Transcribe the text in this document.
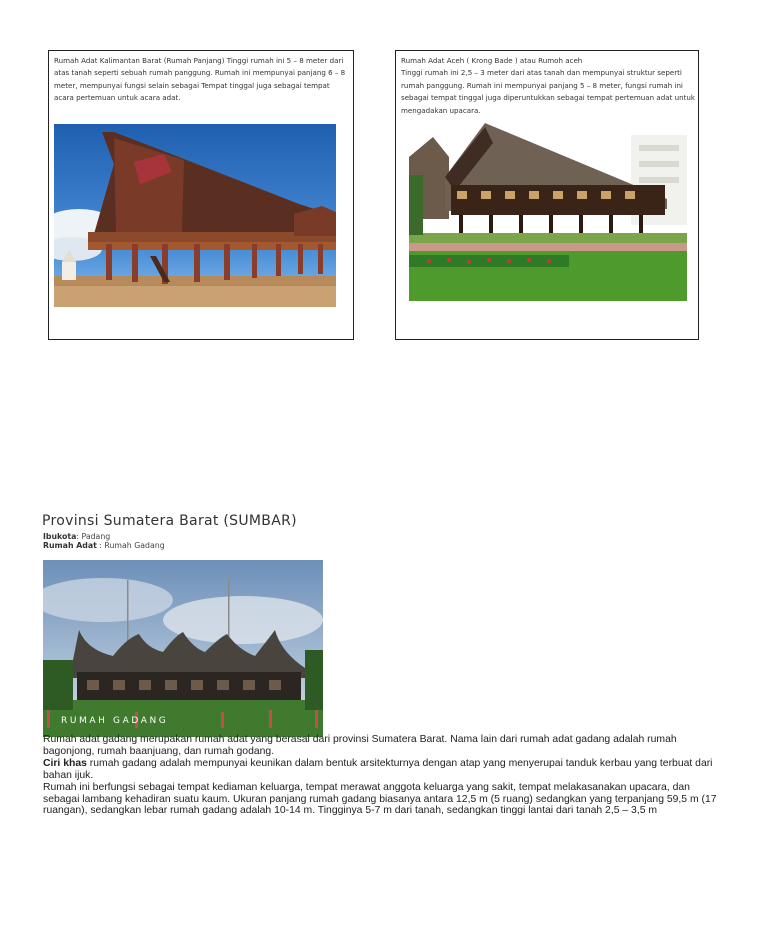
Rumah Adat Kalimantan Barat (Rumah Panjang) Tinggi rumah ini 5 – 8 meter dari atas tanah seperti sebuah rumah panggung. Rumah ini mempunyai panjang 6 – 8 meter, mempunyai fungsi selain sebagai Tempat tinggal juga sebagai tempat acara pertemuan untuk acara adat.

Rumah Adat Aceh ( Krong Bade ) atau Rumoh aceh

Tinggi rumah ini 2,5 – 3 meter dari atas tanah dan mempunyai struktur seperti rumah panggung. Rumah ini mempunyai panjang 5 – 8 meter, fungsi rumah ini sebagai tempat tinggal juga diperuntukkan sebagai tempat pertemuan adat untuk mengadakan upacara.

Provinsi Sumatera Barat (SUMBAR)
Ibukota: Padang
Rumah Adat : Rumah Gadang
RUMAH GADANG

Rumah adat gadang merupakan rumah adat yang berasal dari provinsi Sumatera Barat. Nama lain dari rumah adat gadang adalah rumah bagonjong, rumah baanjuang, dan rumah godang.

Ciri khas rumah gadang adalah mempunyai keunikan dalam bentuk arsitekturnya dengan atap yang menyerupai tanduk kerbau yang terbuat dari bahan ijuk.

Rumah ini berfungsi sebagai tempat kediaman keluarga, tempat merawat anggota keluarga yang sakit, tempat melakasanakan upacara, dan sebagai lambang kehadiran suatu kaum. Ukuran panjang rumah gadang biasanya antara 12,5 m (5 ruang) sedangkan yang terpanjang 59,5 m (17 ruangan), sedangkan lebar rumah gadang adalah 10-14 m. Tingginya 5-7 m dari tanah, sedangkan tinggi lantai dari tanah 2,5 – 3,5 m
